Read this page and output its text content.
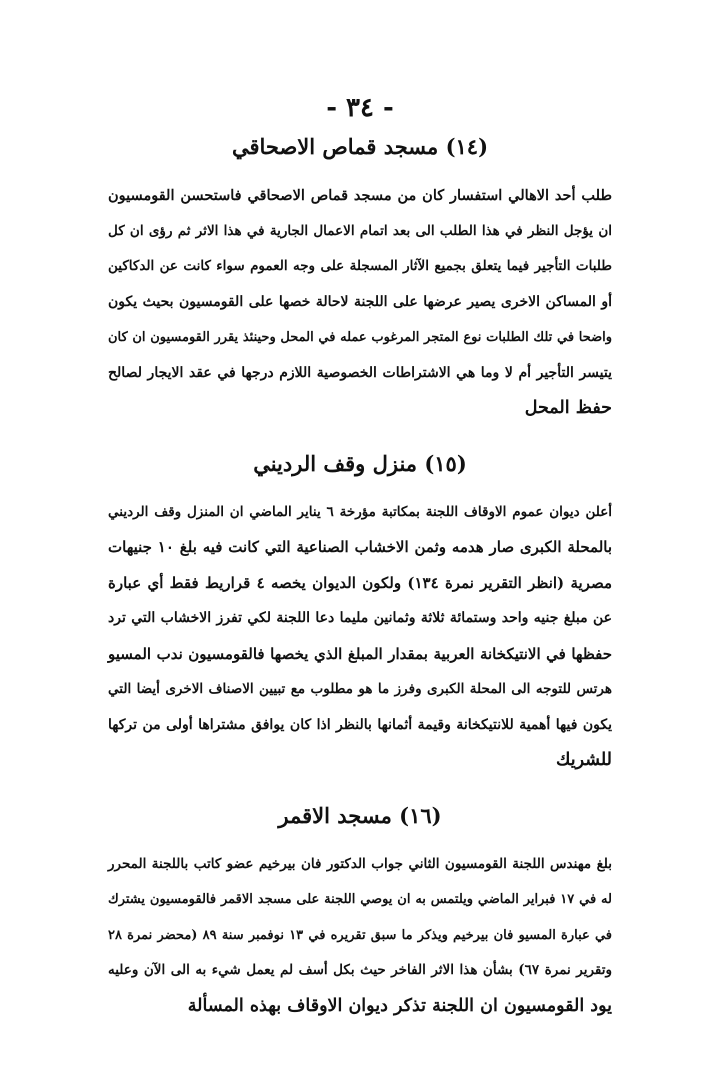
- ٣٤ -
(١٤) مسجد قماص الاصحاقي
طلب أحد الاهالي استفسار كان من مسجد قماص الاصحاقي فاستحسن القومسيون
ان يؤجل النظر في هذا الطلب الى بعد اتمام الاعمال الجارية في هذا الاثر ثم رؤى ان كل
طلبات التأجير فيما يتعلق بجميع الآثار المسجلة على وجه العموم سواء كانت عن الدكاكين
أو المساكن الاخرى يصير عرضها على اللجنة لاحالة خصها على القومسيون بحيث يكون
واضحا في تلك الطلبات نوع المتجر المرغوب عمله في المحل وحينئذ يقرر القومسيون ان كان
يتيسر التأجير أم لا وما هي الاشتراطات الخصوصية اللازم درجها في عقد الايجار لصالح
حفظ المحل
(١٥) منزل وقف الرديني
أعلن ديوان عموم الاوقاف اللجنة بمكاتبة مؤرخة ٦ يناير الماضي ان المنزل وقف الرديني
بالمحلة الكبرى صار هدمه وثمن الاخشاب الصناعية التي كانت فيه بلغ ١٠ جنيهات
مصرية (انظر التقرير نمرة ١٣٤) ولكون الديوان يخصه ٤ قراريط فقط أي عبارة
عن مبلغ جنيه واحد وستمائة ثلاثة وثمانين مليما دعا اللجنة لكي تفرز الاخشاب التي ترد
حفظها في الانتيكخانة العربية بمقدار المبلغ الذي يخصها فالقومسيون ندب المسيو
هرتس للتوجه الى المحلة الكبرى وفرز ما هو مطلوب مع تبيين الاصناف الاخرى أيضا التي
يكون فيها أهمية للانتيكخانة وقيمة أثمانها بالنظر اذا كان يوافق مشتراها أولى من تركها
للشريك
(١٦) مسجد الاقمر
بلغ مهندس اللجنة القومسيون الثاني جواب الدكتور فان بيرخيم عضو كاتب باللجنة المحرر
له في ١٧ فبراير الماضي ويلتمس به ان يوصي اللجنة على مسجد الاقمر فالقومسيون يشترك
في عبارة المسيو فان بيرخيم ويذكر ما سبق تقريره في ١٣ نوفمبر سنة ٨٩ (محضر نمرة ٢٨
وتقرير نمرة ٦٧) بشأن هذا الاثر الفاخر حيث بكل أسف لم يعمل شيء به الى الآن وعليه
يود القومسيون ان اللجنة تذكر ديوان الاوقاف بهذه المسألة
